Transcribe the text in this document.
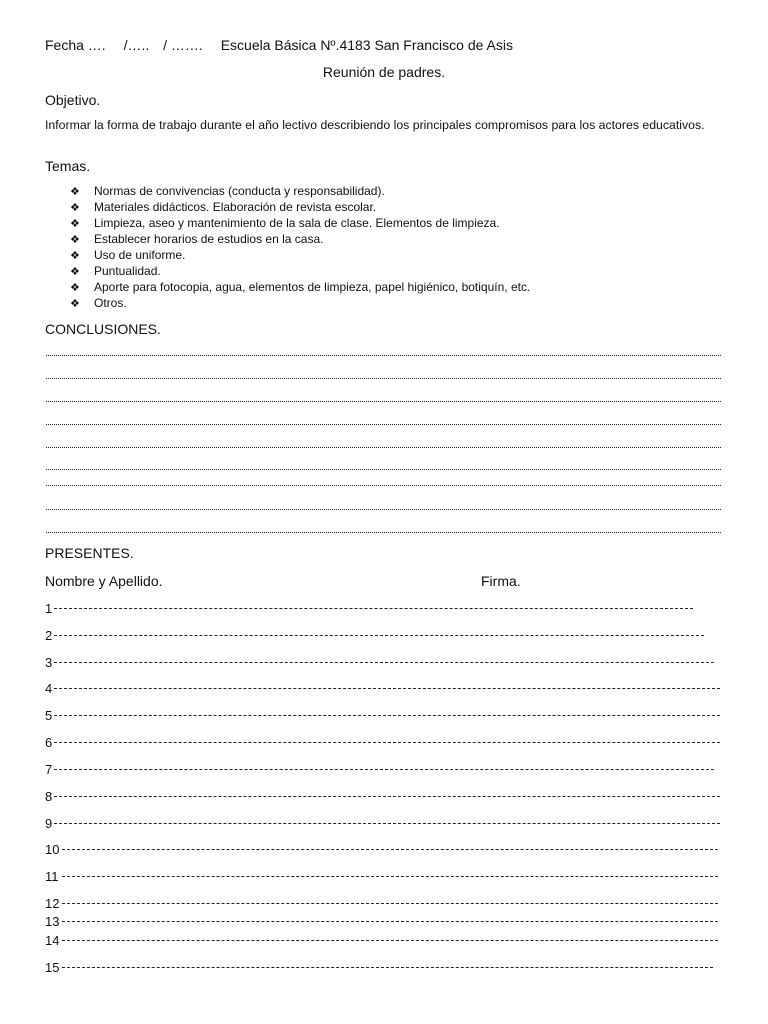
Fecha …. /….. / ……. Escuela Básica Nº.4183 San Francisco de Asis
Reunión de padres.
Objetivo.
Informar la forma de trabajo durante el año lectivo describiendo los principales compromisos para los actores educativos.
Temas.
❖ Normas de convivencias (conducta y responsabilidad).
❖ Materiales didácticos. Elaboración de revista escolar.
❖ Limpieza, aseo y mantenimiento de la sala de clase. Elementos de limpieza.
❖ Establecer horarios de estudios en la casa.
❖ Uso de uniforme.
❖ Puntualidad.
❖ Aporte para fotocopia, agua, elementos de limpieza, papel higiénico, botiquín, etc.
❖ Otros.
CONCLUSIONES.
PRESENTES.
Nombre y Apellido.	Firma.
1
2
3
4
5
6
7
8
9
10
11
12
13
14
15
